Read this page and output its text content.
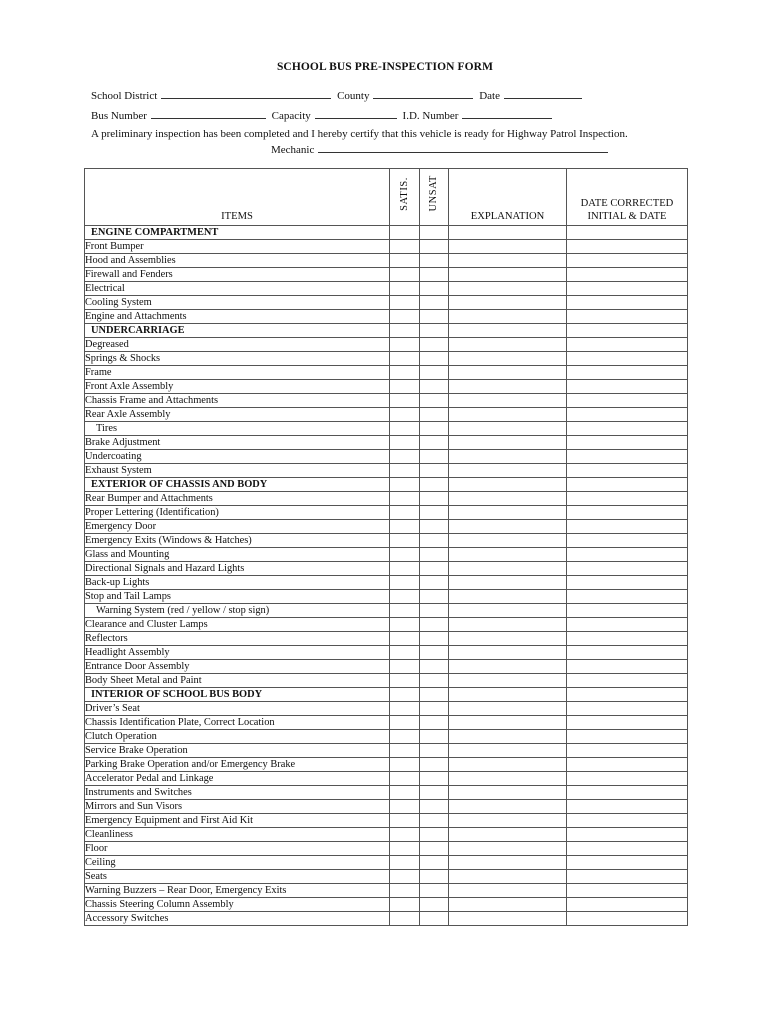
SCHOOL BUS PRE-INSPECTION FORM
School District	County	Date
Bus Number	Capacity	I.D. Number
A preliminary inspection has been completed and I hereby certify that this vehicle is ready for Highway Patrol Inspection.
Mechanic
ITEMS	SATIS.	UNSAT	EXPLANATION	DATE CORRECTED
INITIAL & DATE

ENGINE COMPARTMENT				
Front Bumper				
Hood and Assemblies				
Firewall and Fenders				
Electrical				
Cooling System				
Engine and Attachments				
UNDERCARRIAGE				
Degreased				
Springs & Shocks				
Frame				
Front Axle Assembly				
Chassis Frame and Attachments				
Rear Axle Assembly				
Tires				
Brake Adjustment				
Undercoating				
Exhaust System				
EXTERIOR OF CHASSIS AND BODY				
Rear Bumper and Attachments				
Proper Lettering (Identification)				
Emergency Door				
Emergency Exits (Windows & Hatches)				
Glass and Mounting				
Directional Signals and Hazard Lights				
Back-up Lights				
Stop and Tail Lamps				
Warning System (red / yellow / stop sign)				
Clearance and Cluster Lamps				
Reflectors				
Headlight Assembly				
Entrance Door Assembly				
Body Sheet Metal and Paint				
INTERIOR OF SCHOOL BUS BODY				
Driver’s Seat				
Chassis Identification Plate, Correct Location				
Clutch Operation				
Service Brake Operation				
Parking Brake Operation and/or Emergency Brake				
Accelerator Pedal and Linkage				
Instruments and Switches				
Mirrors and Sun Visors				
Emergency Equipment and First Aid Kit				
Cleanliness				
Floor				
Ceiling				
Seats				
Warning Buzzers – Rear Door, Emergency Exits				
Chassis Steering Column Assembly				
Accessory Switches				
